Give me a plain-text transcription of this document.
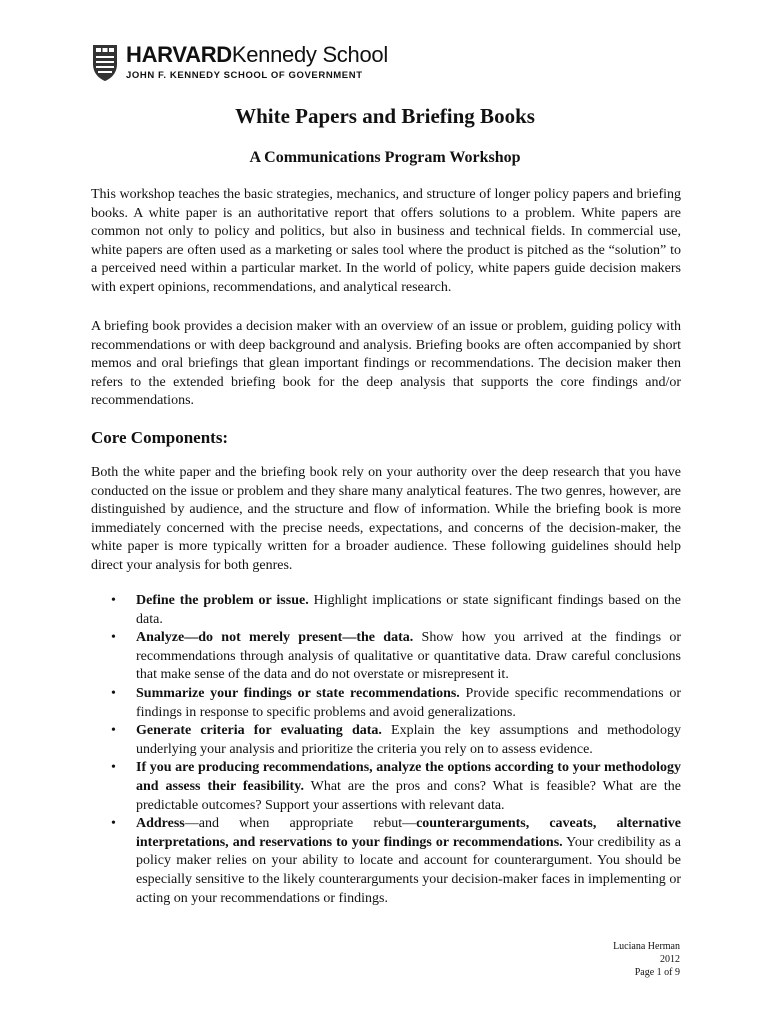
HARVARDKennedy School
JOHN F. KENNEDY SCHOOL OF GOVERNMENT
White Papers and Briefing Books
A Communications Program Workshop

This workshop teaches the basic strategies, mechanics, and structure of longer policy papers and briefing books. A white paper is an authoritative report that offers solutions to a problem. White papers are common not only to policy and politics, but also in business and technical fields. In commercial use, white papers are often used as a marketing or sales tool where the product is pitched as the “solution” to a perceived need within a particular market. In the world of policy, white papers guide decision makers with expert opinions, recommendations, and analytical research.

A briefing book provides a decision maker with an overview of an issue or problem, guiding policy with recommendations or with deep background and analysis. Briefing books are often accompanied by short memos and oral briefings that glean important findings or recommendations. The decision maker then refers to the extended briefing book for the deep analysis that supports the core findings and/or recommendations.

Core Components:

Both the white paper and the briefing book rely on your authority over the deep research that you have conducted on the issue or problem and they share many analytical features. The two genres, however, are distinguished by audience, and the structure and flow of information. While the briefing book is more immediately concerned with the precise needs, expectations, and concerns of the decision-maker, the white paper is more typically written for a broader audience. These following guidelines should help direct your analysis for both genres.

• Define the problem or issue. Highlight implications or state significant findings based on the data.
• Analyze—do not merely present—the data. Show how you arrived at the findings or recommendations through analysis of qualitative or quantitative data. Draw careful conclusions that make sense of the data and do not overstate or misrepresent it.
• Summarize your findings or state recommendations. Provide specific recommendations or findings in response to specific problems and avoid generalizations.
• Generate criteria for evaluating data. Explain the key assumptions and methodology underlying your analysis and prioritize the criteria you rely on to assess evidence.
• If you are producing recommendations, analyze the options according to your methodology and assess their feasibility. What are the pros and cons? What is feasible? What are the predictable outcomes? Support your assertions with relevant data.
• Address—and when appropriate rebut—counterarguments, caveats, alternative interpretations, and reservations to your findings or recommendations. Your credibility as a policy maker relies on your ability to locate and account for counterargument. You should be especially sensitive to the likely counterarguments your decision-maker faces in implementing or acting on your recommendations or findings.
Luciana Herman
2012
Page 1 of 9
